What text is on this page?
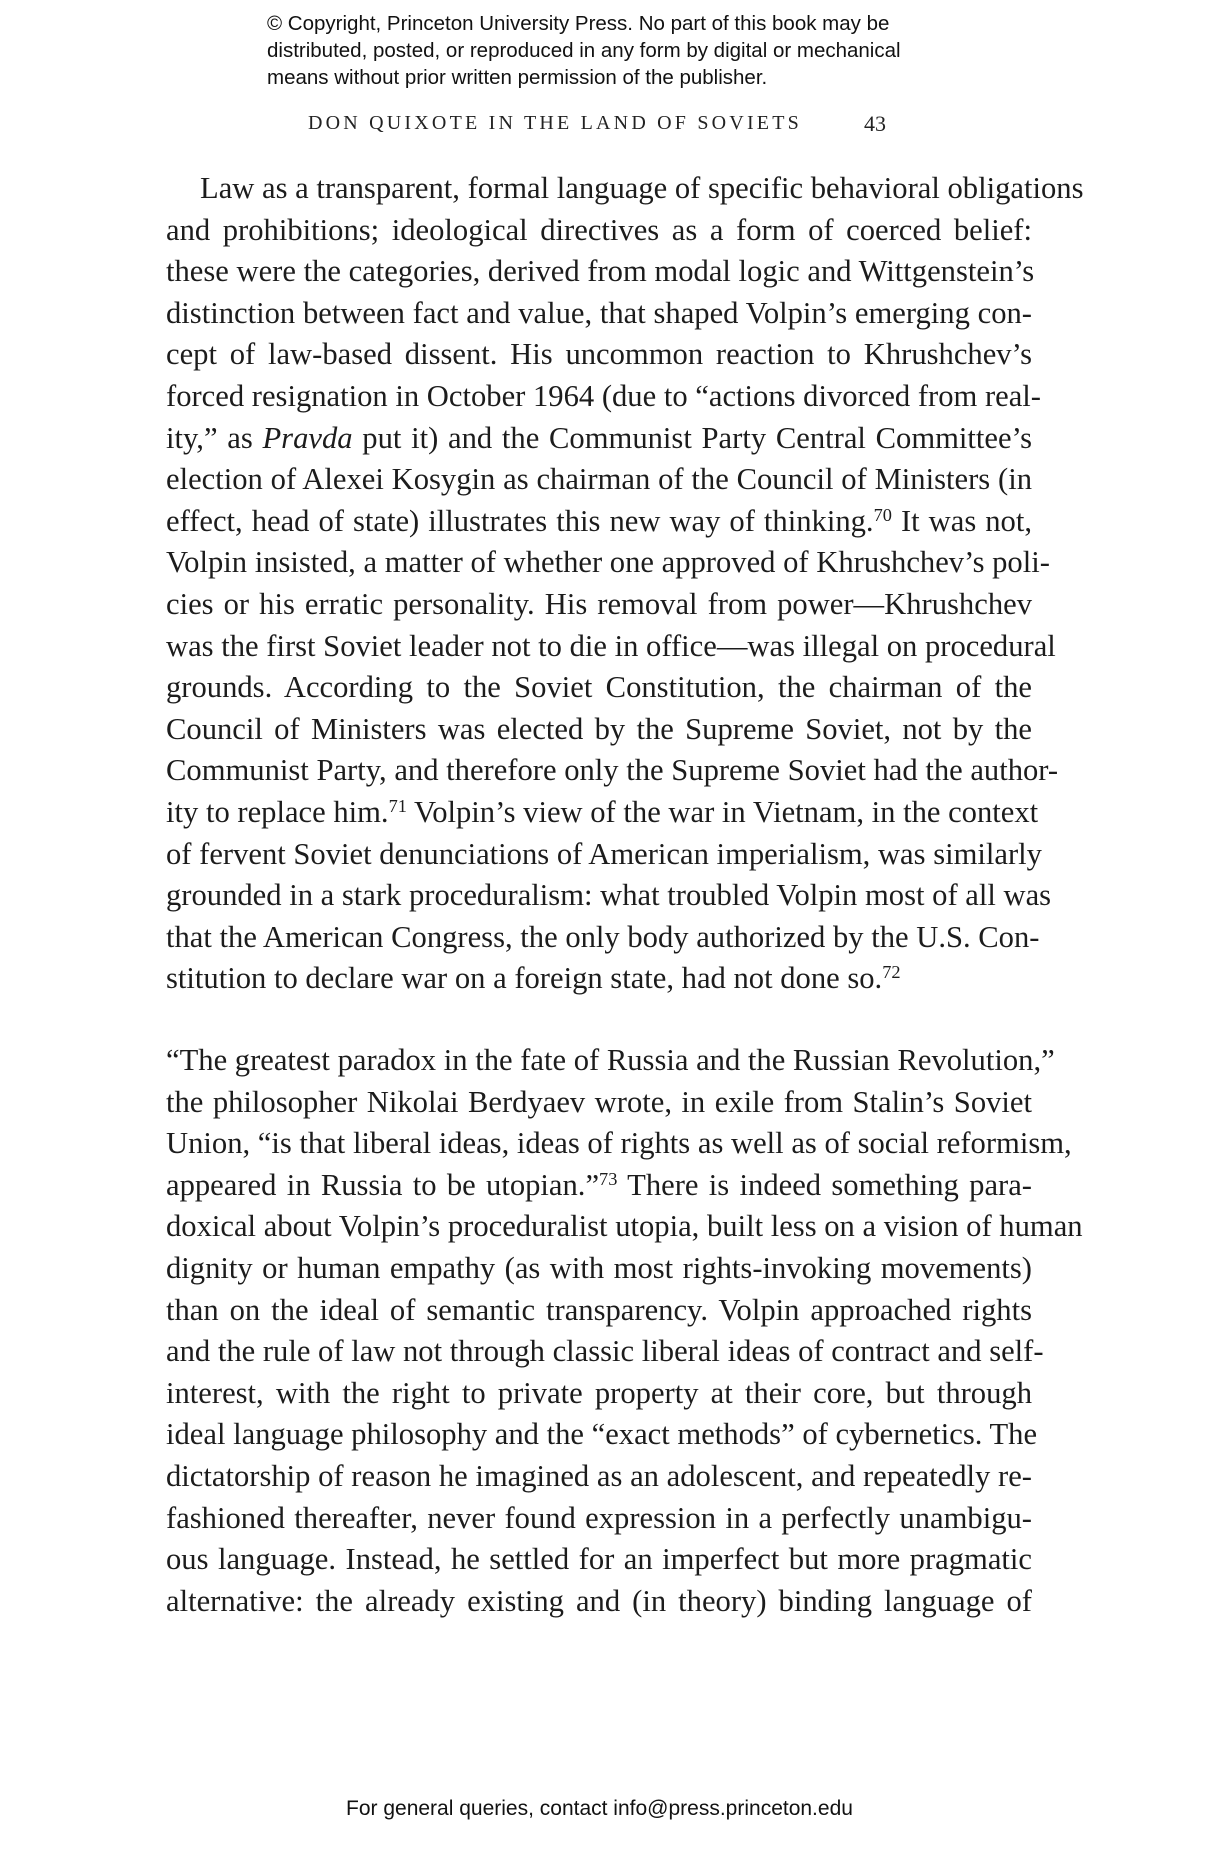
© Copyright, Princeton University Press. No part of this book may be
distributed, posted, or reproduced in any form by digital or mechanical
means without prior written permission of the publisher.
DON QUIXOTE IN THE LAND OF SOVIETS	43
Law as a transparent, formal language of specific behavioral obligations
and prohibitions; ideological directives as a form of coerced belief:
these were the categories, derived from modal logic and Wittgenstein’s
distinction between fact and value, that shaped Volpin’s emerging con-
cept of law-based dissent. His uncommon reaction to Khrushchev’s
forced resignation in October 1964 (due to “actions divorced from real-
ity,” as Pravda put it) and the Communist Party Central Committee’s
election of Alexei Kosygin as chairman of the Council of Ministers (in
effect, head of state) illustrates this new way of thinking.$^{70}$ It was not,
Volpin insisted, a matter of whether one approved of Khrushchev’s poli-
cies or his erratic personality. His removal from power—Khrushchev
was the first Soviet leader not to die in office—was illegal on procedural
grounds. According to the Soviet Constitution, the chairman of the
Council of Ministers was elected by the Supreme Soviet, not by the
Communist Party, and therefore only the Supreme Soviet had the author-
ity to replace him.$^{71}$ Volpin’s view of the war in Vietnam, in the context
of fervent Soviet denunciations of American imperialism, was similarly
grounded in a stark proceduralism: what troubled Volpin most of all was
that the American Congress, the only body authorized by the U.S. Con-
stitution to declare war on a foreign state, had not done so.$^{72}$
“The greatest paradox in the fate of Russia and the Russian Revolution,”
the philosopher Nikolai Berdyaev wrote, in exile from Stalin’s Soviet
Union, “is that liberal ideas, ideas of rights as well as of social reformism,
appeared in Russia to be utopian.”$^{73}$ There is indeed something para-
doxical about Volpin’s proceduralist utopia, built less on a vision of human
dignity or human empathy (as with most rights-invoking movements)
than on the ideal of semantic transparency. Volpin approached rights
and the rule of law not through classic liberal ideas of contract and self-
interest, with the right to private property at their core, but through
ideal language philosophy and the “exact methods” of cybernetics. The
dictatorship of reason he imagined as an adolescent, and repeatedly re-
fashioned thereafter, never found expression in a perfectly unambigu-
ous language. Instead, he settled for an imperfect but more pragmatic
alternative: the already existing and (in theory) binding language of
For general queries, contact info@press.princeton.edu
